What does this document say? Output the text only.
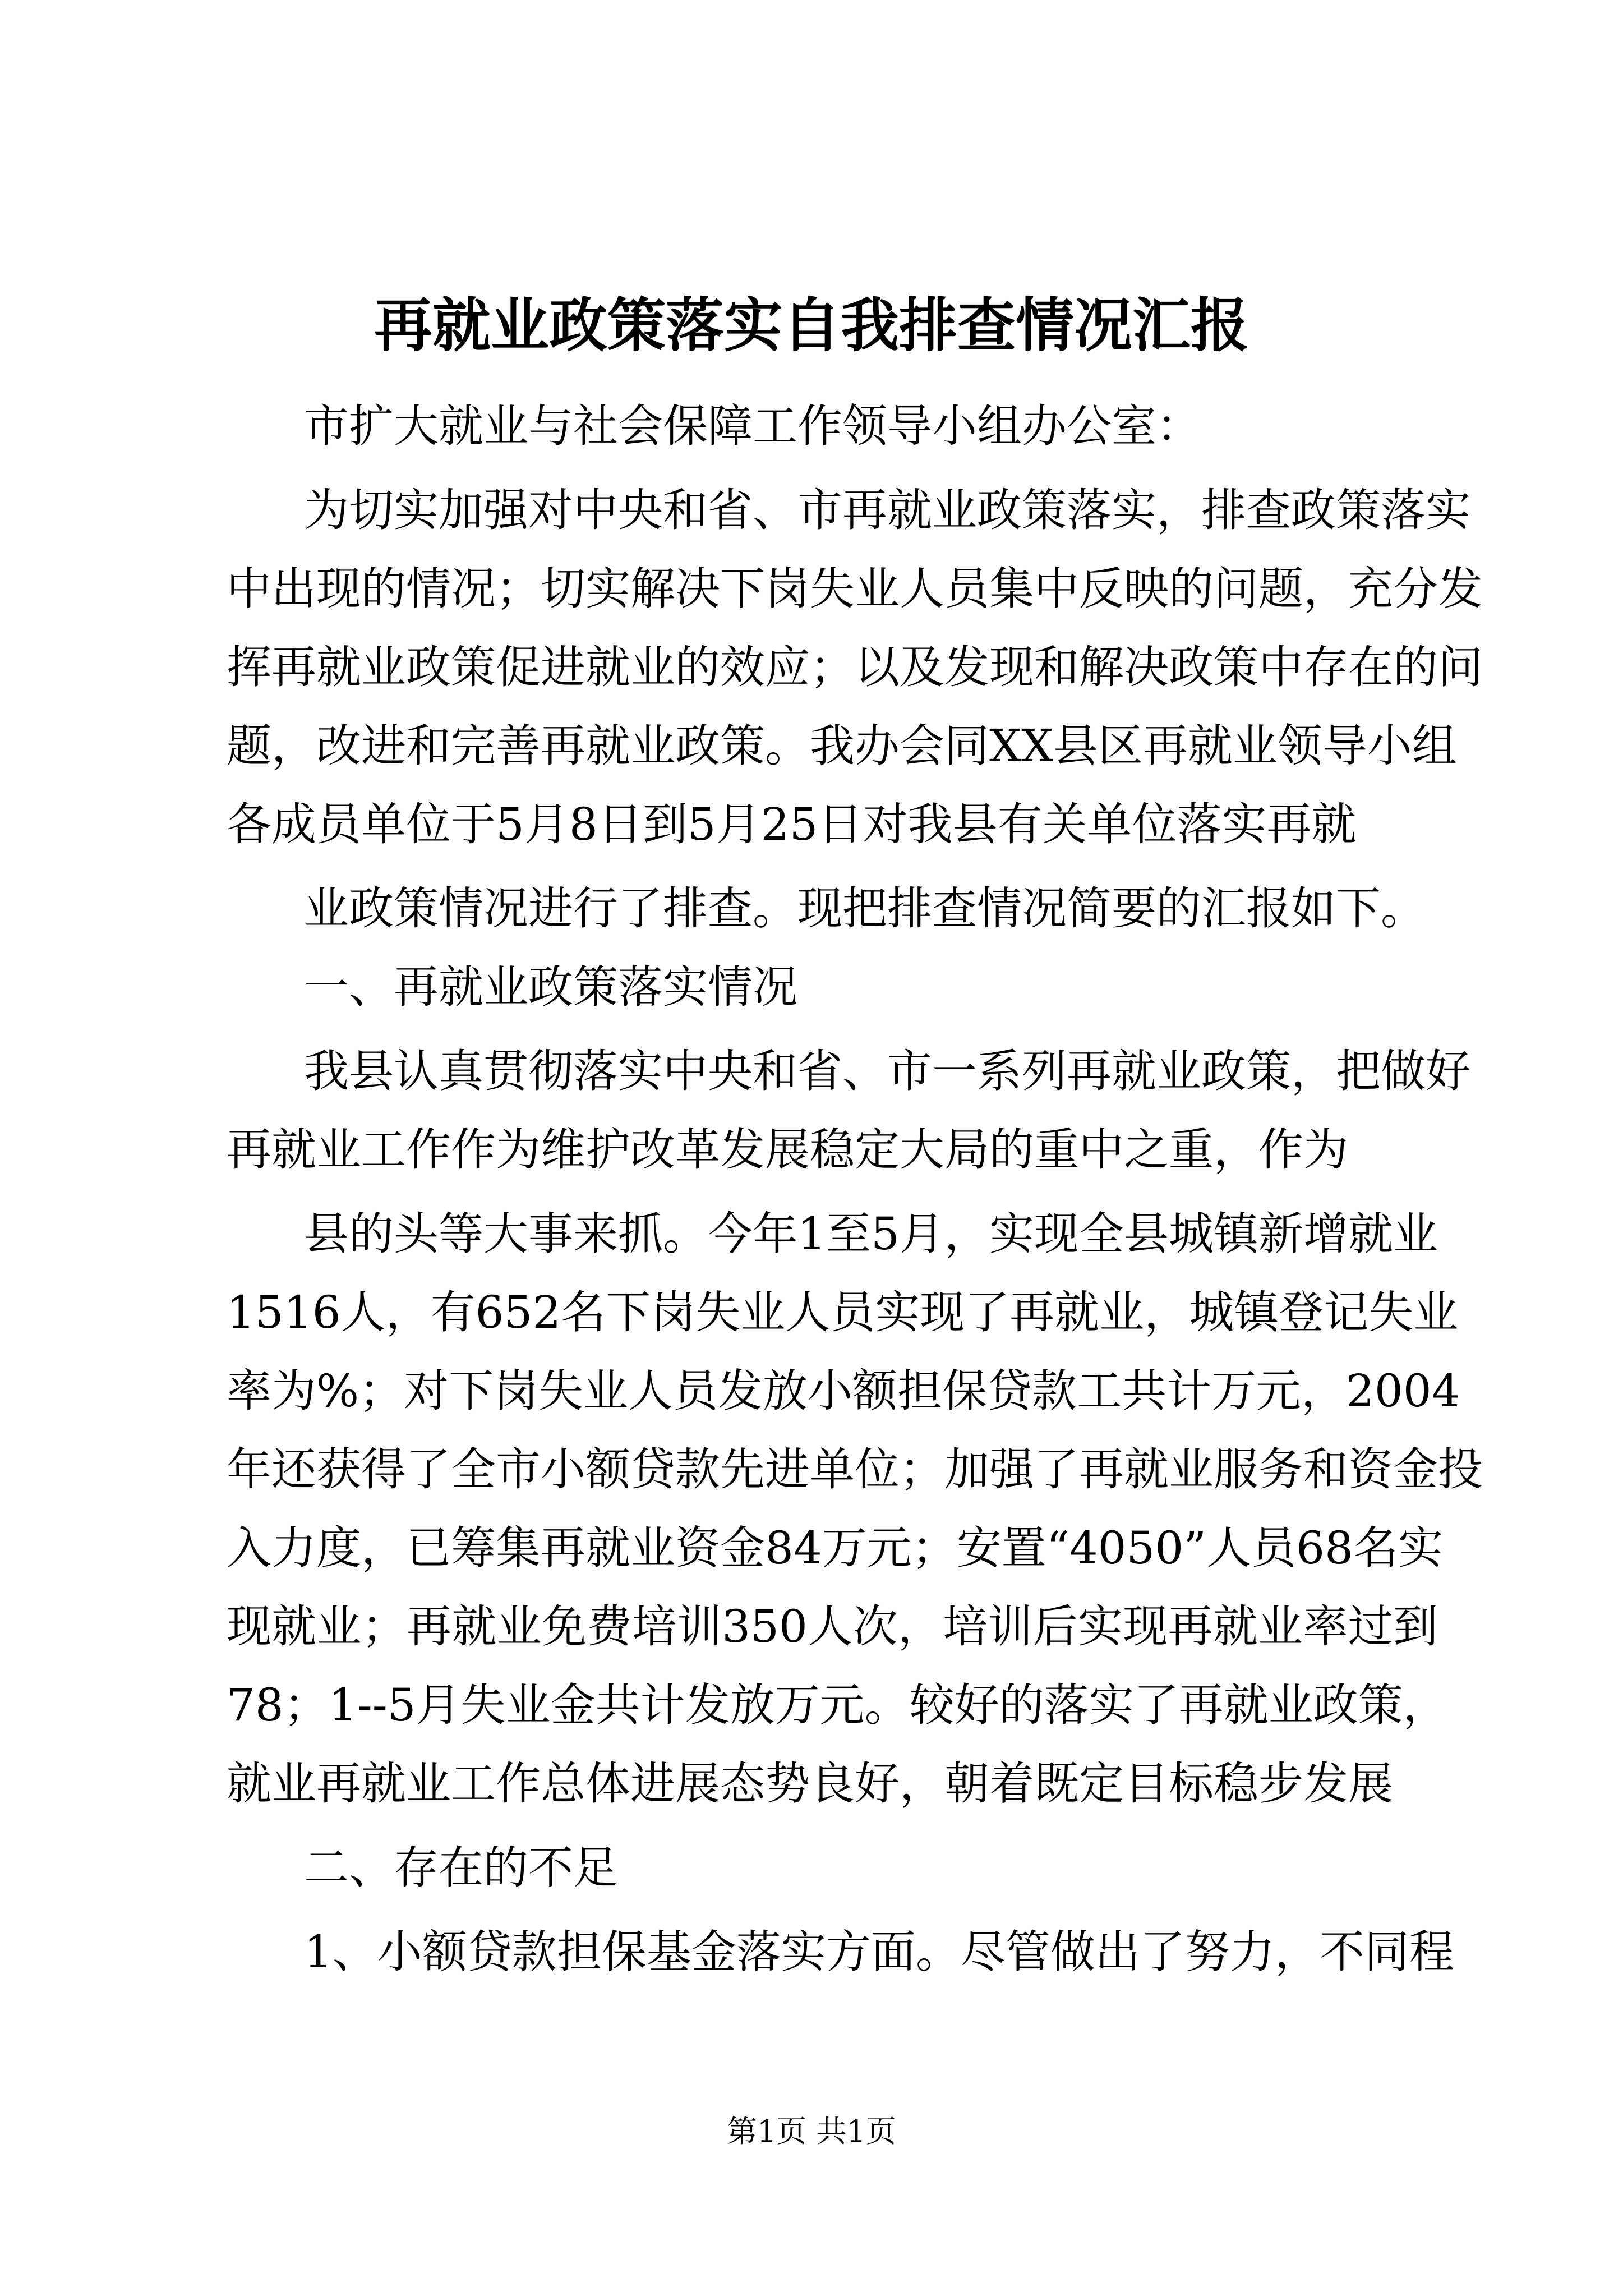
再就业政策落实自我排查情况汇报
市扩大就业与社会保障工作领导小组办公室：
为切实加强对中央和省、市再就业政策落实，排查政策落实
中出现的情况；切实解决下岗失业人员集中反映的问题，充分发
挥再就业政策促进就业的效应；以及发现和解决政策中存在的问
题，改进和完善再就业政策。我办会同XX县区再就业领导小组
各成员单位于5月8日到5月25日对我县有关单位落实再就
业政策情况进行了排查。现把排查情况简要的汇报如下。
一、再就业政策落实情况
我县认真贯彻落实中央和省、市一系列再就业政策，把做好
再就业工作作为维护改革发展稳定大局的重中之重，作为
县的头等大事来抓。今年1至5月，实现全县城镇新增就业
1516人，有652名下岗失业人员实现了再就业，城镇登记失业
率为%；对下岗失业人员发放小额担保贷款工共计万元，2004
年还获得了全市小额贷款先进单位；加强了再就业服务和资金投
入力度，已筹集再就业资金84万元；安置“4050”人员68名实
现就业；再就业免费培训350人次，培训后实现再就业率过到
78；1--5月失业金共计发放万元。较好的落实了再就业政策，
就业再就业工作总体进展态势良好，朝着既定目标稳步发展
二、存在的不足
1、小额贷款担保基金落实方面。尽管做出了努力，不同程
第1页 共1页
